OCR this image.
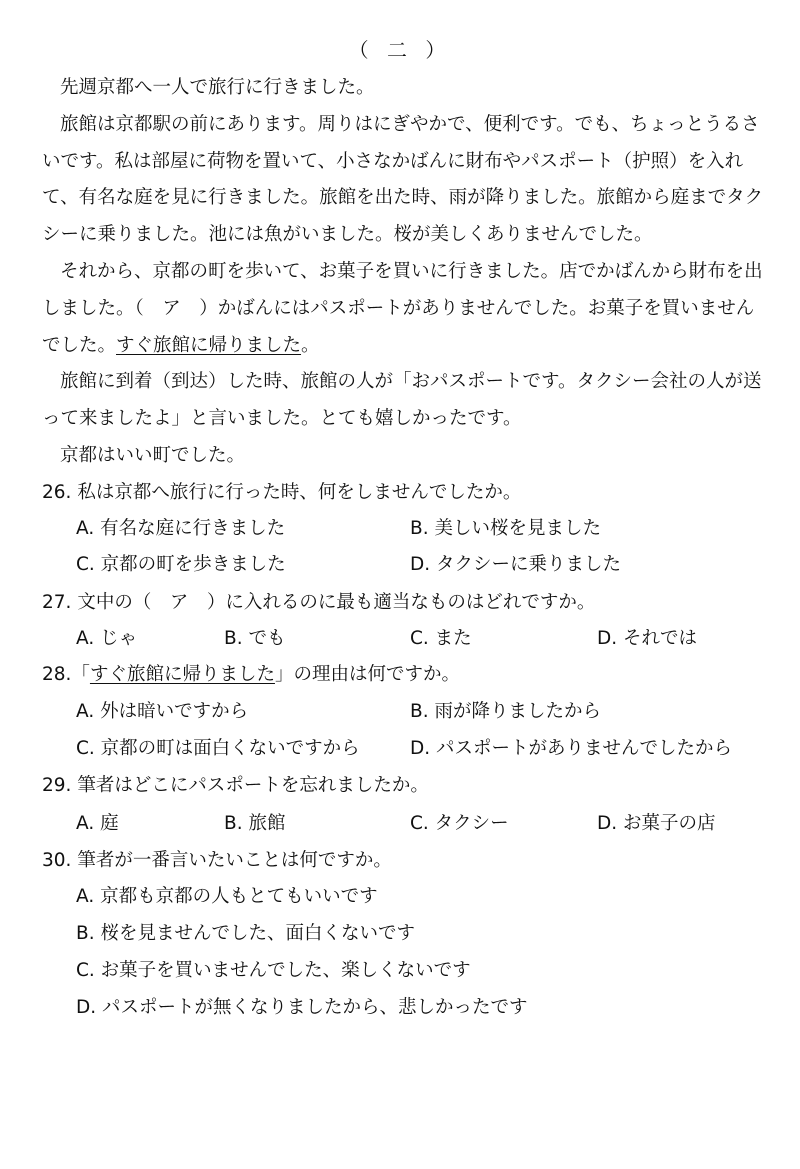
（ 二 ）

先週京都へ一人で旅行に行きました。

旅館は京都駅の前にあります。周りはにぎやかで、便利です。でも、ちょっとうるさいです。私は部屋に荷物を置いて、小さなかばんに財布やパスポート（护照）を入れて、有名な庭を見に行きました。旅館を出た時、雨が降りました。旅館から庭までタクシーに乗りました。池には魚がいました。桜が美しくありませんでした。

それから、京都の町を歩いて、お菓子を買いに行きました。店でかばんから財布を出しました。（　ア　）かばんにはパスポートがありませんでした。お菓子を買いませんでした。すぐ旅館に帰りました。

旅館に到着（到达）した時、旅館の人が「おパスポートです。タクシー会社の人が送って来ましたよ」と言いました。とても嬉しかったです。

京都はいい町でした。

26. 私は京都へ旅行に行った時、何をしませんでしたか。
A. 有名な庭に行きました	B. 美しい桜を見ました
C. 京都の町を歩きました	D. タクシーに乗りました
27. 文中の（　ア　）に入れるのに最も適当なものはどれですか。
A. じゃ	B. でも	C. また	D. それでは
28.「すぐ旅館に帰りました」の理由は何ですか。
A. 外は暗いですから	B. 雨が降りましたから
C. 京都の町は面白くないですから	D. パスポートがありませんでしたから
29. 筆者はどこにパスポートを忘れましたか。
A. 庭	B. 旅館	C. タクシー	D. お菓子の店
30. 筆者が一番言いたいことは何ですか。
A. 京都も京都の人もとてもいいです
B. 桜を見ませんでした、面白くないです
C. お菓子を買いませんでした、楽しくないです
D. パスポートが無くなりましたから、悲しかったです
